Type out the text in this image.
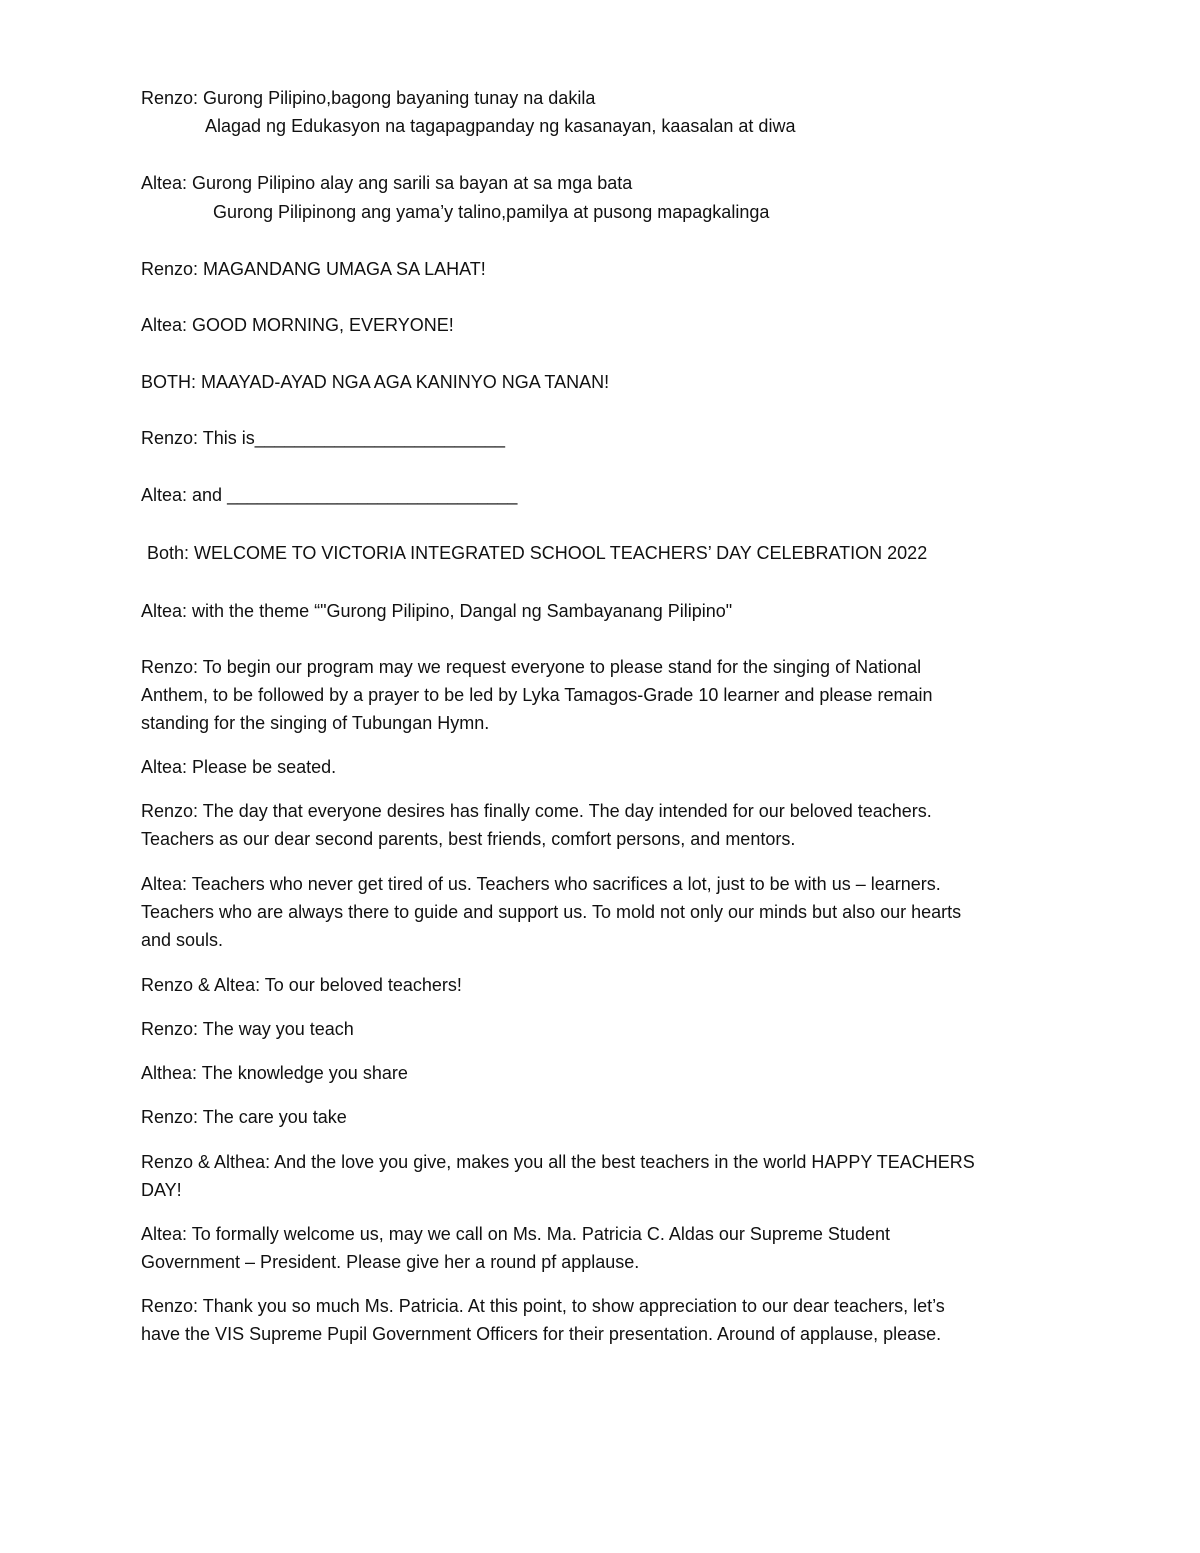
Renzo: Gurong Pilipino,bagong bayaning tunay na dakila
Alagad ng Edukasyon na tagapagpanday ng kasanayan, kaasalan at diwa
Altea: Gurong Pilipino alay ang sarili sa bayan at sa mga bata
Gurong Pilipinong ang yama’y talino,pamilya at pusong mapagkalinga
Renzo: MAGANDANG UMAGA SA LAHAT!
Altea: GOOD MORNING, EVERYONE!
BOTH: MAAYAD-AYAD NGA AGA KANINYO NGA TANAN!
Renzo: This is_________________________
Altea: and _____________________________
Both: WELCOME TO VICTORIA INTEGRATED SCHOOL TEACHERS’ DAY CELEBRATION 2022
Altea: with the theme “"Gurong Pilipino, Dangal ng Sambayanang Pilipino"
Renzo: To begin our program may we request everyone to please stand for the singing of National
Anthem, to be followed by a prayer to be led by Lyka Tamagos-Grade 10 learner and please remain
standing for the singing of Tubungan Hymn.
Altea: Please be seated.
Renzo: The day that everyone desires has finally come. The day intended for our beloved teachers.
Teachers as our dear second parents, best friends, comfort persons, and mentors.
Altea: Teachers who never get tired of us. Teachers who sacrifices a lot, just to be with us – learners.
Teachers who are always there to guide and support us. To mold not only our minds but also our hearts
and souls.
Renzo & Altea: To our beloved teachers!
Renzo: The way you teach
Althea: The knowledge you share
Renzo: The care you take
Renzo & Althea: And the love you give, makes you all the best teachers in the world HAPPY TEACHERS
DAY!
Altea: To formally welcome us, may we call on Ms. Ma. Patricia C. Aldas our Supreme Student
Government – President. Please give her a round pf applause.
Renzo: Thank you so much Ms. Patricia. At this point, to show appreciation to our dear teachers, let’s
have the VIS Supreme Pupil Government Officers for their presentation. Around of applause, please.
